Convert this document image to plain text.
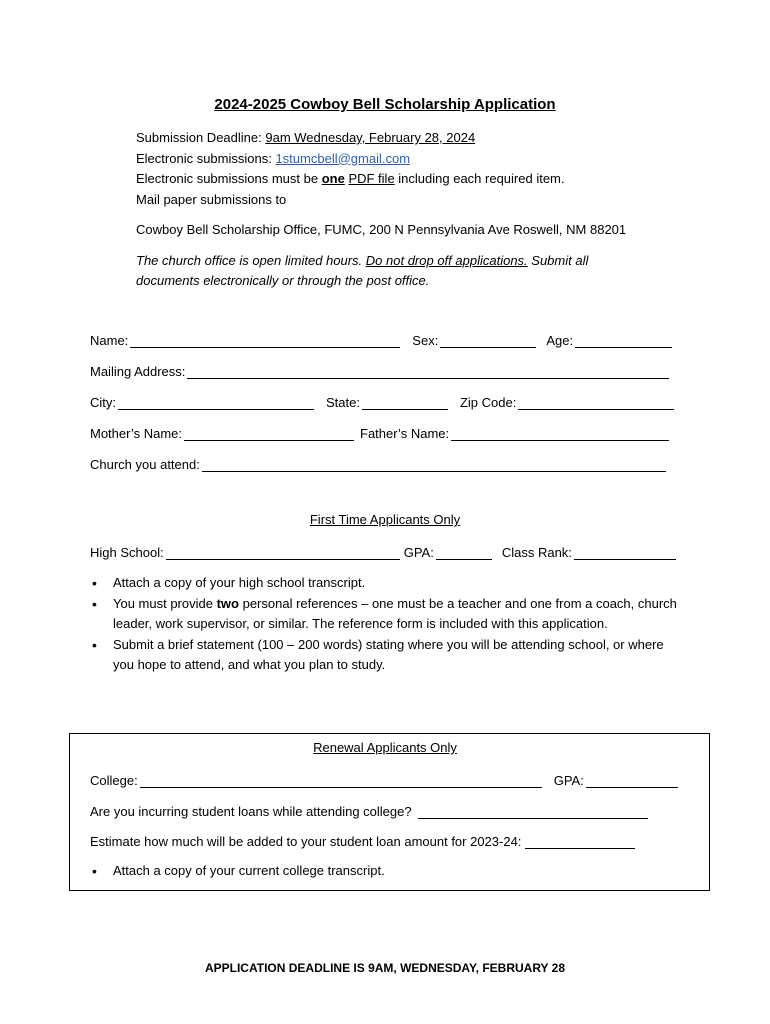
2024-2025 Cowboy Bell Scholarship Application
Submission Deadline: 9am Wednesday, February 28, 2024
Electronic submissions: 1stumcbell@gmail.com
Electronic submissions must be one PDF file including each required item.
Mail paper submissions to
Cowboy Bell Scholarship Office, FUMC, 200 N Pennsylvania Ave Roswell, NM 88201
The church office is open limited hours. Do not drop off applications. Submit all
documents electronically or through the post office.
Name:	Sex:	Age:
Mailing Address:
City:	State:	Zip Code:
Mother’s Name:	Father’s Name:
Church you attend:
First Time Applicants Only
High School:	GPA:	Class Rank:
• Attach a copy of your high school transcript.
• You must provide two personal references – one must be a teacher and one from a coach, church leader, work supervisor, or similar. The reference form is included with this application.
• Submit a brief statement (100 – 200 words) stating where you will be attending school, or where you hope to attend, and what you plan to study.
Renewal Applicants Only
College:	GPA:
Are you incurring student loans while attending college?
Estimate how much will be added to your student loan amount for 2023-24:
• Attach a copy of your current college transcript.
APPLICATION DEADLINE IS 9AM, WEDNESDAY, FEBRUARY 28
